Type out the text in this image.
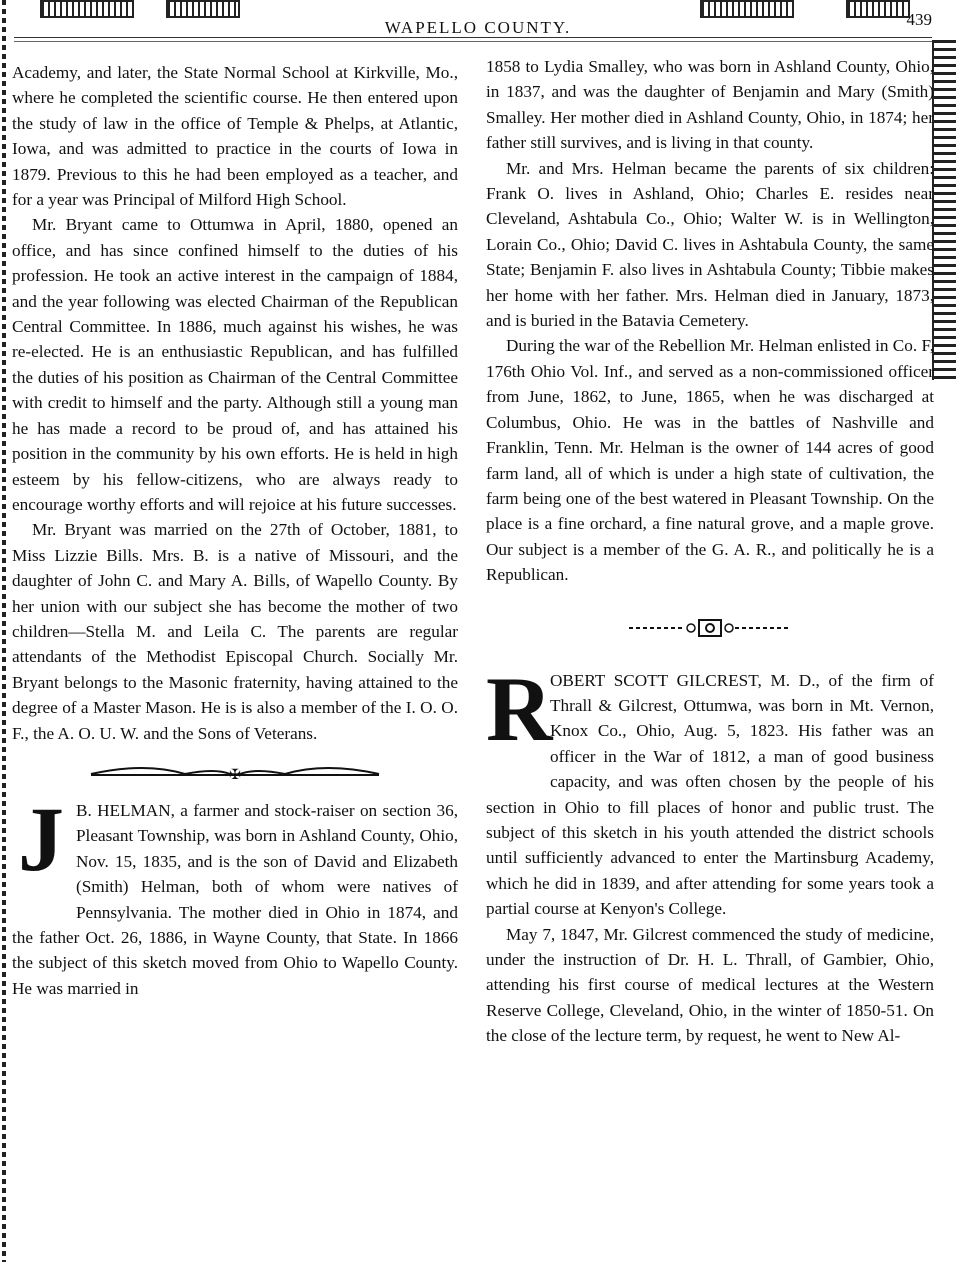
WAPELLO COUNTY.	439

Academy, and later, the State Normal School at Kirkville, Mo., where he completed the scientific course. He then entered upon the study of law in the office of Temple & Phelps, at Atlantic, Iowa, and was admitted to practice in the courts of Iowa in 1879. Previous to this he had been employed as a teacher, and for a year was Principal of Milford High School.

Mr. Bryant came to Ottumwa in April, 1880, opened an office, and has since confined himself to the duties of his profession. He took an active interest in the campaign of 1884, and the year following was elected Chairman of the Republican Central Committee. In 1886, much against his wishes, he was re-elected. He is an enthusiastic Republican, and has fulfilled the duties of his position as Chairman of the Central Committee with credit to himself and the party. Although still a young man he has made a record to be proud of, and has attained his position in the community by his own efforts. He is held in high esteem by his fellow-citizens, who are always ready to encourage worthy efforts and will rejoice at his future successes.

Mr. Bryant was married on the 27th of October, 1881, to Miss Lizzie Bills. Mrs. B. is a native of Missouri, and the daughter of John C. and Mary A. Bills, of Wapello County. By her union with our subject she has become the mother of two children—Stella M. and Leila C. The parents are regular attendants of the Methodist Episcopal Church. Socially Mr. Bryant belongs to the Masonic fraternity, having attained to the degree of a Master Mason. He is is also a member of the I. O. O. F., the A. O. U. W. and the Sons of Veterans.

✠
J B. HELMAN, a farmer and stock-raiser on section 36, Pleasant Township, was born in Ashland County, Ohio, Nov. 15, 1835, and is the son of David and Elizabeth (Smith) Helman, both of whom were natives of Pennsylvania. The mother died in Ohio in 1874, and the father Oct. 26, 1886, in Wayne County, that State. In 1866 the subject of this sketch moved from Ohio to Wapello County. He was married in

1858 to Lydia Smalley, who was born in Ashland County, Ohio, in 1837, and was the daughter of Benjamin and Mary (Smith) Smalley. Her mother died in Ashland County, Ohio, in 1874; her father still survives, and is living in that county.

Mr. and Mrs. Helman became the parents of six children: Frank O. lives in Ashland, Ohio; Charles E. resides near Cleveland, Ashtabula Co., Ohio; Walter W. is in Wellington, Lorain Co., Ohio; David C. lives in Ashtabula County, the same State; Benjamin F. also lives in Ashtabula County; Tibbie makes her home with her father. Mrs. Helman died in January, 1873, and is buried in the Batavia Cemetery.

During the war of the Rebellion Mr. Helman enlisted in Co. F, 176th Ohio Vol. Inf., and served as a non-commissioned officer from June, 1862, to June, 1865, when he was discharged at Columbus, Ohio. He was in the battles of Nashville and Franklin, Tenn. Mr. Helman is the owner of 144 acres of good farm land, all of which is under a high state of cultivation, the farm being one of the best watered in Pleasant Township. On the place is a fine orchard, a fine natural grove, and a maple grove. Our subject is a member of the G. A. R., and politically he is a Republican.

R

OBERT SCOTT GILCREST, M. D., of the firm of Thrall & Gilcrest, Ottumwa, was born in Mt. Vernon, Knox Co., Ohio, Aug. 5, 1823. His father was an officer in the War of 1812, a man of good business capacity, and was often chosen by the people of his section in Ohio to fill places of honor and public trust. The subject of this sketch in his youth attended the district schools until sufficiently advanced to enter the Martinsburg Academy, which he did in 1839, and after attending for some years took a partial course at Kenyon's College.

May 7, 1847, Mr. Gilcrest commenced the study of medicine, under the instruction of Dr. H. L. Thrall, of Gambier, Ohio, attending his first course of medical lectures at the Western Reserve College, Cleveland, Ohio, in the winter of 1850-51. On the close of the lecture term, by request, he went to New Al-
